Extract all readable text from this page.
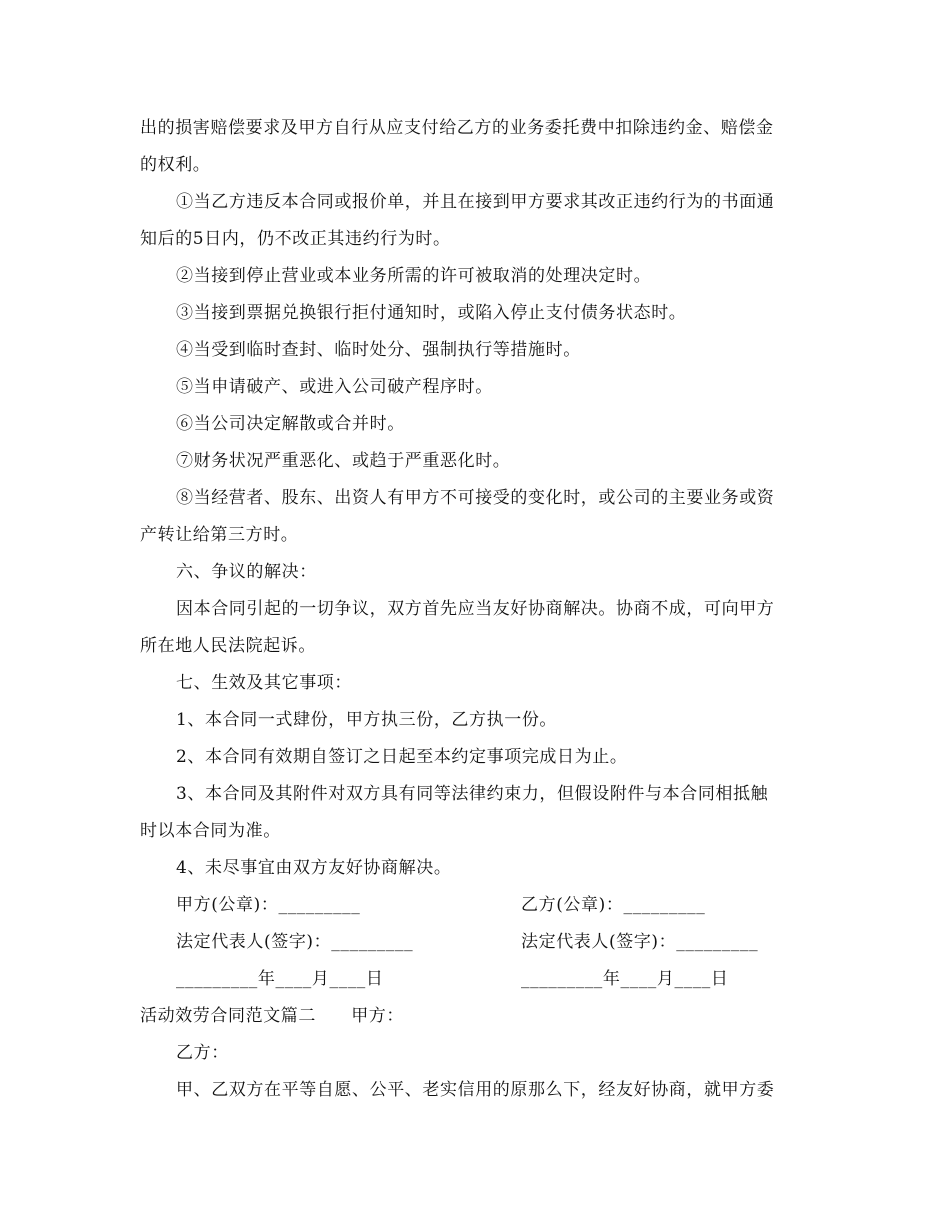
出的损害赔偿要求及甲方自行从应支付给乙方的业务委托费中扣除违约金、赔偿金
的权利。
①当乙方违反本合同或报价单，并且在接到甲方要求其改正违约行为的书面通
知后的5日内，仍不改正其违约行为时。
②当接到停止营业或本业务所需的许可被取消的处理决定时。
③当接到票据兑换银行拒付通知时，或陷入停止支付债务状态时。
④当受到临时查封、临时处分、强制执行等措施时。
⑤当申请破产、或进入公司破产程序时。
⑥当公司决定解散或合并时。
⑦财务状况严重恶化、或趋于严重恶化时。
⑧当经营者、股东、出资人有甲方不可接受的变化时，或公司的主要业务或资
产转让给第三方时。
六、争议的解决：
因本合同引起的一切争议，双方首先应当友好协商解决。协商不成，可向甲方
所在地人民法院起诉。
七、生效及其它事项：
1、本合同一式肆份，甲方执三份，乙方执一份。
2、本合同有效期自签订之日起至本约定事项完成日为止。
3、本合同及其附件对双方具有同等法律约束力，但假设附件与本合同相抵触
时以本合同为准。
4、未尽事宜由双方友好协商解决。
甲方(公章)：_________	乙方(公章)：_________
法定代表人(签字)：_________	法定代表人(签字)：_________
_________年____月____日	_________年____月____日
活动效劳合同范文篇二　　甲方：
乙方：
甲、乙双方在平等自愿、公平、老实信用的原那么下，经友好协商，就甲方委
